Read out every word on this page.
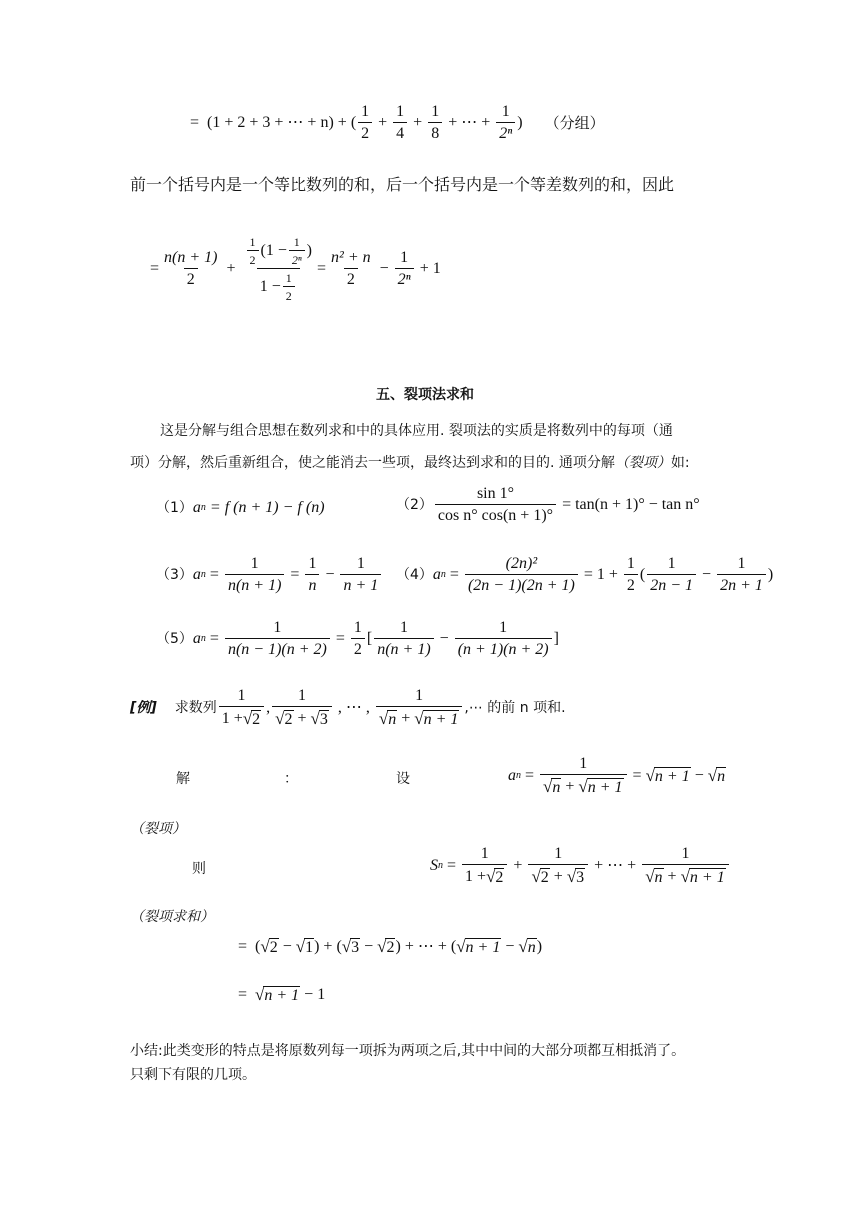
= (1 + 2 + 3 + ⋯ + n) + ( $\frac{1}{2} + \frac{1}{4} + \frac{1}{8}$ + ⋯ + $\frac{1}{\text{2ⁿ}}$ ) （分组）
前一个括号内是一个等比数列的和，后一个括号内是一个等差数列的和，因此
= $\frac{n(n + 1)}{2} + \frac{\frac{1}{2} (1 - \frac{1}{\text{2ⁿ}} )}{1 - \frac{1}{2}} = \frac{\text{n² + n}}{2} - \frac{1}{\text{2ⁿ}} + 1$
五、裂项法求和
这是分解与组合思想在数列求和中的具体应用. 裂项法的实质是将数列中的每项（通
项）分解，然后重新组合，使之能消去一些项，最终达到求和的目的. 通项分解（裂项）如:
（1） a n = f (n + 1) − f (n)	$(2) \frac{\sin 1^\circ}{\text{cos n° cos(n + 1)°}} = \tan(n + 1)^\circ - \tan n^\circ$
（3） a $n = \frac{1}{n(n + 1)} = \frac{1}{n} - \frac{1}{n + 1} (4)$ a $n = \frac{\text{(2n)²}}{(2n - 1)(2n + 1)} = 1 + \frac{1}{2}$ ( $\frac{1}{2n - 1} - \frac{1}{2n + 1}$ )
（5） a $n = \frac{1}{n(n - 1)(n + 2)} = \frac{1}{2}$ [ $\frac{1}{n(n + 1)} - \frac{1}{(n + 1)(n + 2)}$ ]
[例] 求数列 $\frac{1}{1 + √ 2}$ , $\frac{1}{√ 2 + √ 3}$ , ⋯ , $\frac{1}{√ n + √ n + 1}$ ,⋯ 的前 n 项和.
解	：	设	a $n = \frac{1}{√ n + √ n + 1}$ = √ n + 1 − √ n
（裂项）
则	S $n = \frac{1}{1 + √ 2} + \frac{1}{√ 2 + √ 3}$ + ⋯ + $\frac{1}{√ n + √ n + 1}$
（裂项求和）
= ( √ 2 − √ 1 ) + ( √ 3 − √ 2 ) + ⋯ + ( √ n + 1 − √ n )
= √ n + 1 − 1
小结:此类变形的特点是将原数列每一项拆为两项之后,其中中间的大部分项都互相抵消了。
只剩下有限的几项。
